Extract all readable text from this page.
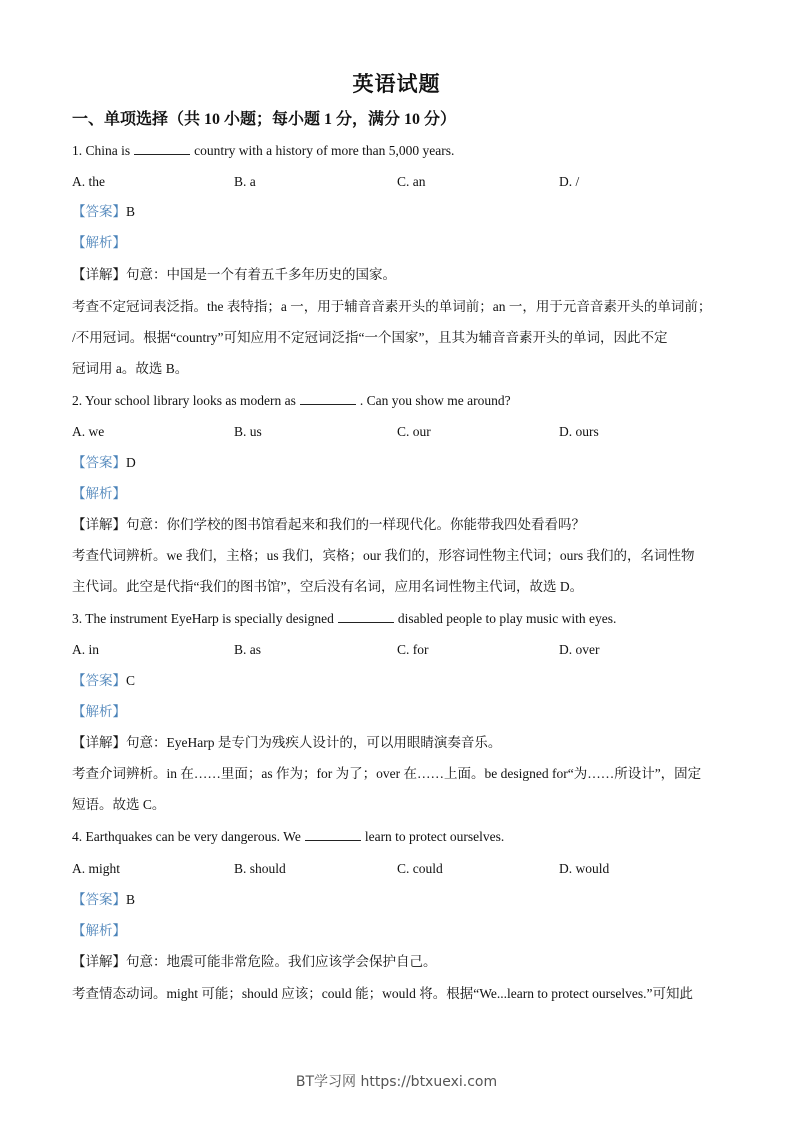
英语试题
一、单项选择（共 10 小题；每小题 1 分，满分 10 分）
1. China is	country with a history of more than 5,000 years.
A. the	B. a	C. an	D. /
【答案】B
【解析】
【详解】句意：中国是一个有着五千多年历史的国家。
考查不定冠词表泛指。the 表特指；a 一，用于辅音音素开头的单词前；an 一，用于元音音素开头的单词前；
/不用冠词。根据“country”可知应用不定冠词泛指“一个国家”，且其为辅音音素开头的单词，因此不定
冠词用 a。故选 B。
2. Your school library looks as modern as	. Can you show me around?
A. we	B. us	C. our	D. ours
【答案】D
【解析】
【详解】句意：你们学校的图书馆看起来和我们的一样现代化。你能带我四处看看吗？
考查代词辨析。we 我们，主格；us 我们，宾格；our 我们的，形容词性物主代词；ours 我们的，名词性物
主代词。此空是代指“我们的图书馆”，空后没有名词，应用名词性物主代词，故选 D。
3. The instrument EyeHarp is specially designed	disabled people to play music with eyes.
A. in	B. as	C. for	D. over
【答案】C
【解析】
【详解】句意：EyeHarp 是专门为残疾人设计的，可以用眼睛演奏音乐。
考查介词辨析。in 在……里面；as 作为；for 为了；over 在……上面。be designed for“为……所设计”，固定
短语。故选 C。
4. Earthquakes can be very dangerous. We	learn to protect ourselves.
A. might	B. should	C. could	D. would
【答案】B
【解析】
【详解】句意：地震可能非常危险。我们应该学会保护自己。
考查情态动词。might 可能；should 应该；could 能；would 将。根据“We...learn to protect ourselves.”可知此
BT学习网 https://btxuexi.com
